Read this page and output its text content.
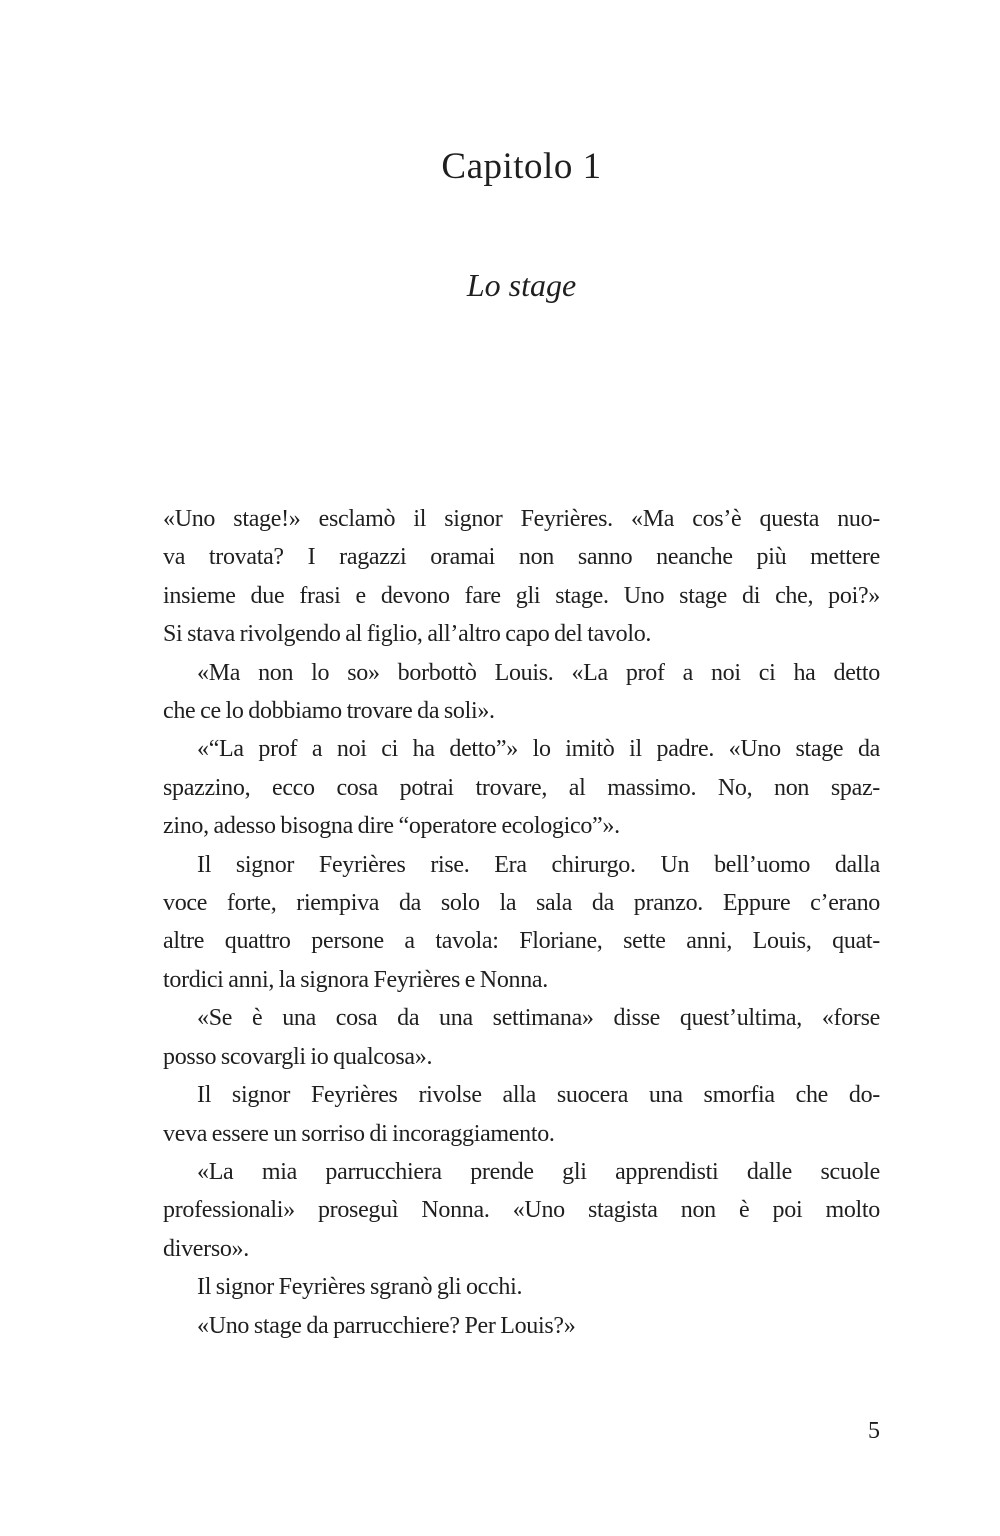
Capitolo 1
Lo stage
«Uno stage!» esclamò il signor Feyrières. «Ma cos’è questa nuo-
va trovata? I ragazzi oramai non sanno neanche più mettere
insieme due frasi e devono fare gli stage. Uno stage di che, poi?»
Si stava rivolgendo al figlio, all’altro capo del tavolo.
«Ma non lo so» borbottò Louis. «La prof a noi ci ha detto
che ce lo dobbiamo trovare da soli».
«“La prof a noi ci ha detto”» lo imitò il padre. «Uno stage da
spazzino, ecco cosa potrai trovare, al massimo. No, non spaz-
zino, adesso bisogna dire “operatore ecologico”».
Il signor Feyrières rise. Era chirurgo. Un bell’uomo dalla
voce forte, riempiva da solo la sala da pranzo. Eppure c’erano
altre quattro persone a tavola: Floriane, sette anni, Louis, quat-
tordici anni, la signora Feyrières e Nonna.
«Se è una cosa da una settimana» disse quest’ultima, «forse
posso scovargli io qualcosa».
Il signor Feyrières rivolse alla suocera una smorfia che do-
veva essere un sorriso di incoraggiamento.
«La mia parrucchiera prende gli apprendisti dalle scuole
professionali» proseguì Nonna. «Uno stagista non è poi molto
diverso».
Il signor Feyrières sgranò gli occhi.
«Uno stage da parrucchiere? Per Louis?»
5
